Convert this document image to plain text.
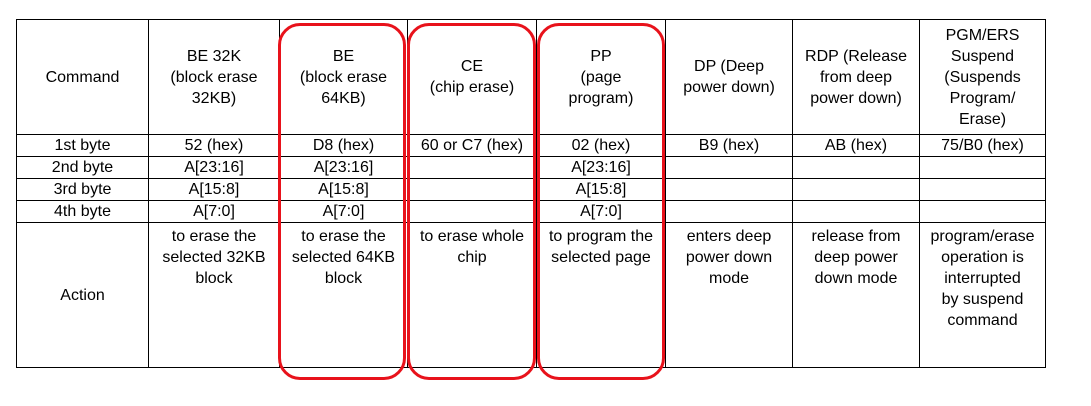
Command	BE 32K
(block erase
32KB)	BE
(block erase
64KB)	CE
(chip erase)	PP
(page
program)	DP (Deep
power down)	RDP (Release
from deep
power down)	PGM/ERS
Suspend
(Suspends
Program/
Erase)
1st byte	52 (hex)	D8 (hex)	60 or C7 (hex)	02 (hex)	B9 (hex)	AB (hex)	75/B0 (hex)
2nd byte	A[23:16]	A[23:16]		A[23:16]			
3rd byte	A[15:8]	A[15:8]		A[15:8]			
4th byte	A[7:0]	A[7:0]		A[7:0]			
Action	to erase the
selected 32KB
block	to erase the
selected 64KB
block	to erase whole
chip	to program the
selected page	enters deep
power down
mode	release from
deep power
down mode	program/erase
operation is
interrupted
by suspend
command
